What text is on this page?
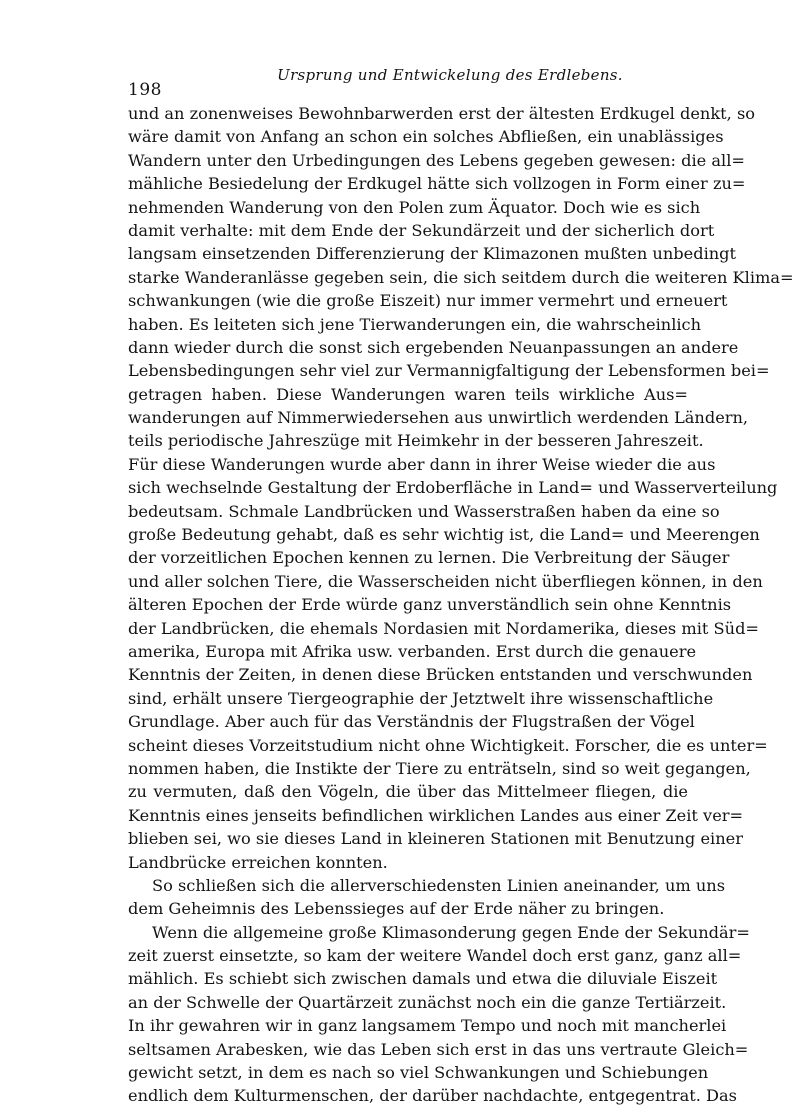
198
Ursprung und Entwickelung des Erdlebens.
und an zonenweises Bewohnbarwerden erst der ältesten Erdkugel denkt, so
wäre damit von Anfang an schon ein solches Abfließen, ein unablässiges
Wandern unter den Urbedingungen des Lebens gegeben gewesen: die all=
mähliche Besiedelung der Erdkugel hätte sich vollzogen in Form einer zu=
nehmenden Wanderung von den Polen zum Äquator. Doch wie es sich
damit verhalte: mit dem Ende der Sekundärzeit und der sicherlich dort
langsam einsetzenden Differenzierung der Klimazonen mußten unbedingt
starke Wanderanlässe gegeben sein, die sich seitdem durch die weiteren Klima=
schwankungen (wie die große Eiszeit) nur immer vermehrt und erneuert
haben. Es leiteten sich jene Tierwanderungen ein, die wahrscheinlich
dann wieder durch die sonst sich ergebenden Neuanpassungen an andere
Lebensbedingungen sehr viel zur Vermannigfaltigung der Lebensformen bei=
getragen haben. Diese Wanderungen waren teils wirkliche Aus=
wanderungen auf Nimmerwiedersehen aus unwirtlich werdenden Ländern,
teils periodische Jahreszüge mit Heimkehr in der besseren Jahreszeit.
Für diese Wanderungen wurde aber dann in ihrer Weise wieder die aus
sich wechselnde Gestaltung der Erdoberfläche in Land= und Wasserverteilung
bedeutsam. Schmale Landbrücken und Wasserstraßen haben da eine so
große Bedeutung gehabt, daß es sehr wichtig ist, die Land= und Meerengen
der vorzeitlichen Epochen kennen zu lernen. Die Verbreitung der Säuger
und aller solchen Tiere, die Wasserscheiden nicht überfliegen können, in den
älteren Epochen der Erde würde ganz unverständlich sein ohne Kenntnis
der Landbrücken, die ehemals Nordasien mit Nordamerika, dieses mit Süd=
amerika, Europa mit Afrika usw. verbanden. Erst durch die genauere
Kenntnis der Zeiten, in denen diese Brücken entstanden und verschwunden
sind, erhält unsere Tiergeographie der Jetztwelt ihre wissenschaftliche
Grundlage. Aber auch für das Verständnis der Flugstraßen der Vögel
scheint dieses Vorzeitstudium nicht ohne Wichtigkeit. Forscher, die es unter=
nommen haben, die Instikte der Tiere zu enträtseln, sind so weit gegangen,
zu vermuten, daß den Vögeln, die über das Mittelmeer fliegen, die
Kenntnis eines jenseits befindlichen wirklichen Landes aus einer Zeit ver=
blieben sei, wo sie dieses Land in kleineren Stationen mit Benutzung einer
Landbrücke erreichen konnten.
So schließen sich die allerverschiedensten Linien aneinander, um uns
dem Geheimnis des Lebenssieges auf der Erde näher zu bringen.
Wenn die allgemeine große Klimasonderung gegen Ende der Sekundär=
zeit zuerst einsetzte, so kam der weitere Wandel doch erst ganz, ganz all=
mählich. Es schiebt sich zwischen damals und etwa die diluviale Eiszeit
an der Schwelle der Quartärzeit zunächst noch ein die ganze Tertiärzeit.
In ihr gewahren wir in ganz langsamem Tempo und noch mit mancherlei
seltsamen Arabesken, wie das Leben sich erst in das uns vertraute Gleich=
gewicht setzt, in dem es nach so viel Schwankungen und Schiebungen
endlich dem Kulturmenschen, der darüber nachdachte, entgegentrat. Das
